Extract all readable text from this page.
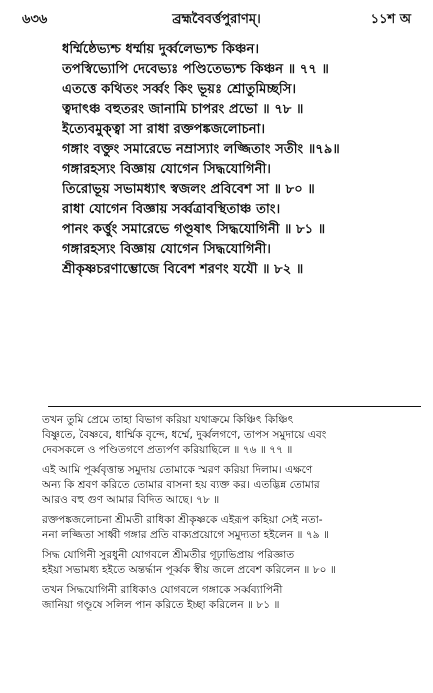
৬৩৬	ব্রহ্মবৈবর্ত্তপুরাণম্।	১১শ অ
ধর্ম্মিষ্ঠেভ্যশ্চ ধর্ম্মায় দুর্ব্বলেভ্যশ্চ কিঞ্চন।
তপস্বিভ্যোপি দেবেভ্যঃ পণ্ডিতেভ্যশ্চ কিঞ্চন ॥ ৭৭ ॥
এতত্তে কথিতং সর্ব্বং কিং ভূয়ঃ শ্রোতুমিচ্ছসি।
ত্বদাৎঞ্চ বহুতরং জানামি চাপরং প্রভো ॥ ৭৮ ॥
ইত্যেবমুক্ত্বা সা রাধা রক্তপঙ্কজলোচনা।
গঙ্গাং বক্তুং সমারেভে নম্রাস্যাং লজ্জিতাং সতীং ॥৭৯॥
গঙ্গারহস্যং বিজ্ঞায় যোগেন সিদ্ধযোগিনী।
তিরোভূয় সভামধ্যাৎ স্বজলং প্রবিবেশ সা ॥ ৮০ ॥
রাধা যোগেন বিজ্ঞায় সর্ব্বত্রাবস্থিতাঞ্চ তাং।
পানং কর্ত্তুং সমারেভে গণ্ডূষাৎ সিদ্ধযোগিনী ॥ ৮১ ॥
গঙ্গারহস্যং বিজ্ঞায় যোগেন সিদ্ধযোগিনী।
শ্রীকৃষ্ণচরণাম্ভোজে বিবেশ শরণং যযৌ ॥ ৮২ ॥
তখন তুমি প্রেমে তাহা বিভাগ করিয়া যথাক্রমে কিঞ্চিৎ কিঞ্চিৎ
বিষ্ণুতে, বৈষ্ণবে, ধার্ম্মিক বৃন্দে, ধর্ম্মে, দুর্ব্বলগণে, তাপস সমুদায়ে এবং
দেবসকলে ও পণ্ডিতগণে প্রত্যর্পণ করিয়াছিলে ॥ ৭৬ ॥ ৭৭ ॥
এই আমি পূর্ব্ববৃত্তান্ত সমুদায় তোমাকে স্মরণ করিয়া দিলাম। এক্ষণে
অন্য কি শ্রবণ করিতে তোমার বাসনা হয় ব্যক্ত কর। এতদ্ভিন্ন তোমার
আরও বহু গুণ আমার বিদিত আছে। ৭৮ ॥
রক্তপঙ্কজলোচনা শ্রীমতী রাধিকা শ্রীকৃষ্ণকে এইরূপ কহিয়া সেই নতা-
ননা লজ্জিতা সাধ্বী গঙ্গার প্রতি বাক্যপ্রয়োগে সমুদ্যতা হইলেন ॥ ৭৯ ॥
সিদ্ধ যোগিনী সুরধুনী যোগবলে শ্রীমতীর গূঢ়াভিপ্রায় পরিজ্ঞাত
হইয়া সভামধ্য হইতে অন্তর্দ্ধান পূর্ব্বক স্বীয় জলে প্রবেশ করিলেন ॥ ৮০ ॥
তখন সিদ্ধযোগিনী রাধিকাও যোগবলে গঙ্গাকে সর্ব্বব্যাপিনী
জানিয়া গণ্ডূষে সলিল পান করিতে ইচ্ছা করিলেন ॥ ৮১ ॥
